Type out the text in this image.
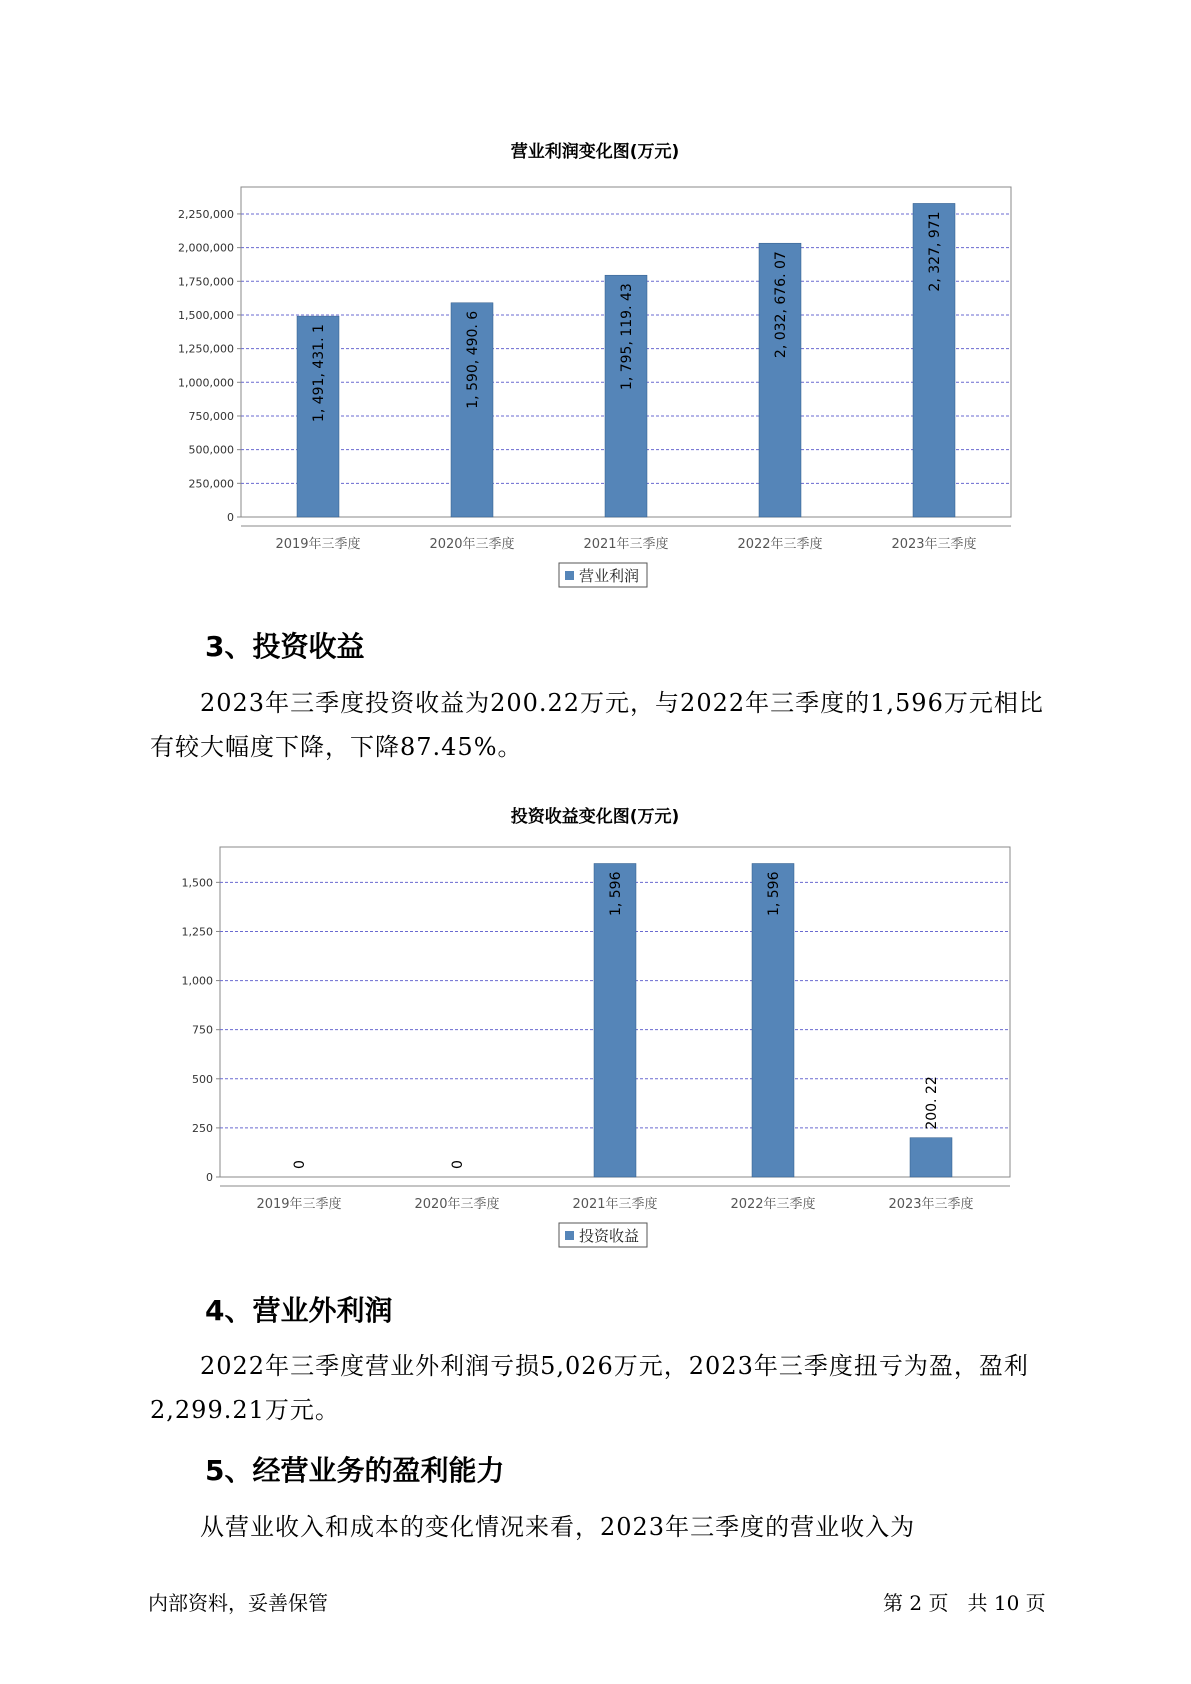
营业利润变化图(万元)
0
250,000
500,000
750,000
1,000,000
1,250,000
1,500,000
1,750,000
2,000,000
2,250,000
1, 491, 431. 1
2019年三季度
1, 590, 490. 6
2020年三季度
1, 795, 119. 43
2021年三季度
2, 032, 676. 07
2022年三季度
2, 327, 971
2023年三季度
营业利润
3、投资收益

2023年三季度投资收益为200.22万元，与2022年三季度的1,596万元相比有较大幅度下降，下降87.45%。

投资收益变化图(万元)
0
250
500
750
1,000
1,250
1,500
0
2019年三季度
0
2020年三季度
1, 596
2021年三季度
1, 596
2022年三季度
200. 22
2023年三季度
投资收益
4、营业外利润

2022年三季度营业外利润亏损5,026万元，2023年三季度扭亏为盈，盈利2,299.21万元。

5、经营业务的盈利能力

从营业收入和成本的变化情况来看，2023年三季度的营业收入为

内部资料，妥善保管	第 2 页   共 10 页
